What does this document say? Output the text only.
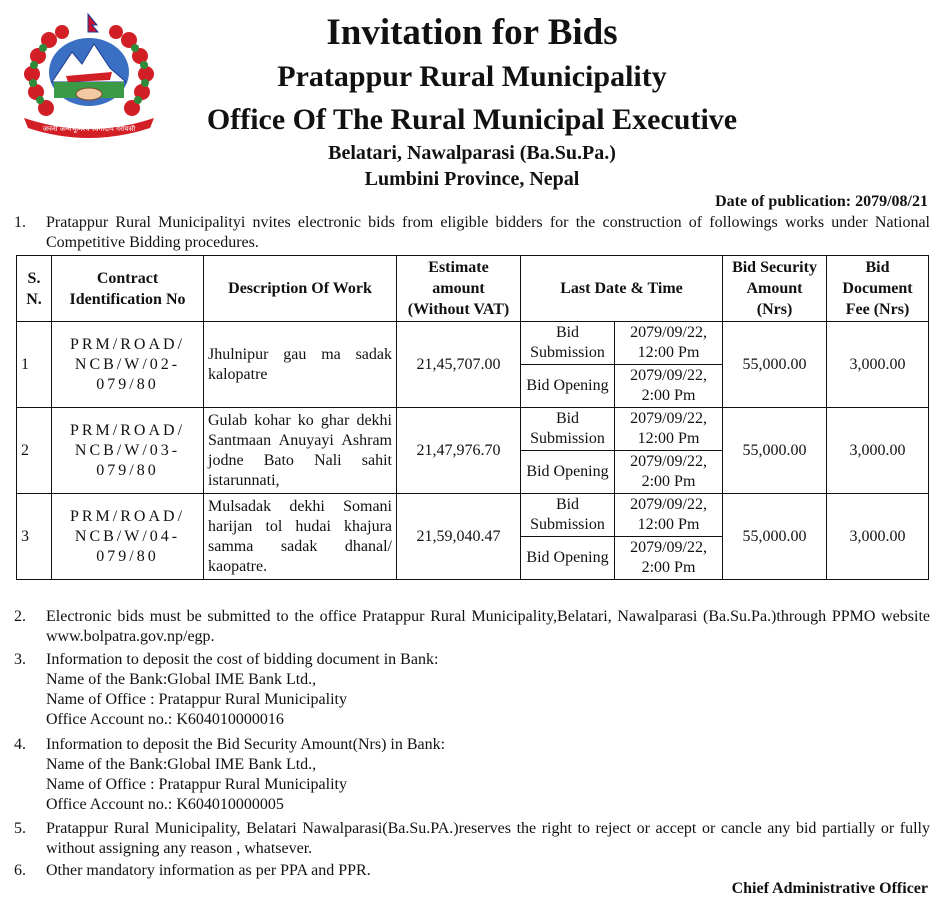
जननी जन्मभूमिश्च स्वर्गादपि गरीयसी
Invitation for Bids
Pratappur Rural Municipality
Office Of The Rural Municipal Executive
Belatari, Nawalparasi (Ba.Su.Pa.)
Lumbini Province, Nepal
Date of publication: 2079/08/21
1. Pratappur Rural Municipalityi nvites electronic bids from eligible bidders for the construction of followings works under National Competitive Bidding procedures.
S. N.	Contract Identification No	Description Of Work	Estimate amount (Without VAT)	Last Date & Time		Bid Security Amount (Nrs)	Bid Document Fee (Nrs)
1	PRM/ROAD/ NCB/W/02-079/80	Jhulnipur gau ma sadak kalopatre	21,45,707.00	Bid Submission	2079/09/22, 12:00 Pm	55,000.00	3,000.00
				Bid Opening	2079/09/22, 2:00 Pm		
2	PRM/ROAD/ NCB/W/03-079/80	Gulab kohar ko ghar dekhi Santmaan Anuyayi Ashram jodne Bato Nali sahit istarunnati,	21,47,976.70	Bid Submission	2079/09/22, 12:00 Pm	55,000.00	3,000.00
				Bid Opening	2079/09/22, 2:00 Pm		
3	PRM/ROAD/ NCB/W/04-079/80	Mulsadak dekhi Somani harijan tol hudai khajura samma sadak dhanal/ kaopatre.	21,59,040.47	Bid Submission	2079/09/22, 12:00 Pm	55,000.00	3,000.00
				Bid Opening	2079/09/22, 2:00 Pm		
2. Electronic bids must be submitted to the office Pratappur Rural Municipality,Belatari, Nawalparasi (Ba.Su.Pa.)through PPMO website www.bolpatra.gov.np/egp.
3. Information to deposit the cost of bidding document in Bank:
Name of the Bank:Global IME Bank Ltd.,
Name of Office : Pratappur Rural Municipality
Office Account no.: K604010000016
4. Information to deposit the Bid Security Amount(Nrs) in Bank:
Name of the Bank:Global IME Bank Ltd.,
Name of Office : Pratappur Rural Municipality
Office Account no.: K604010000005
5. Pratappur Rural Municipality, Belatari Nawalparasi(Ba.Su.PA.)reserves the right to reject or accept or cancle any bid partially or fully without assigning any reason , whatsever.
6. Other mandatory information as per PPA and PPR.
Chief Administrative Officer
